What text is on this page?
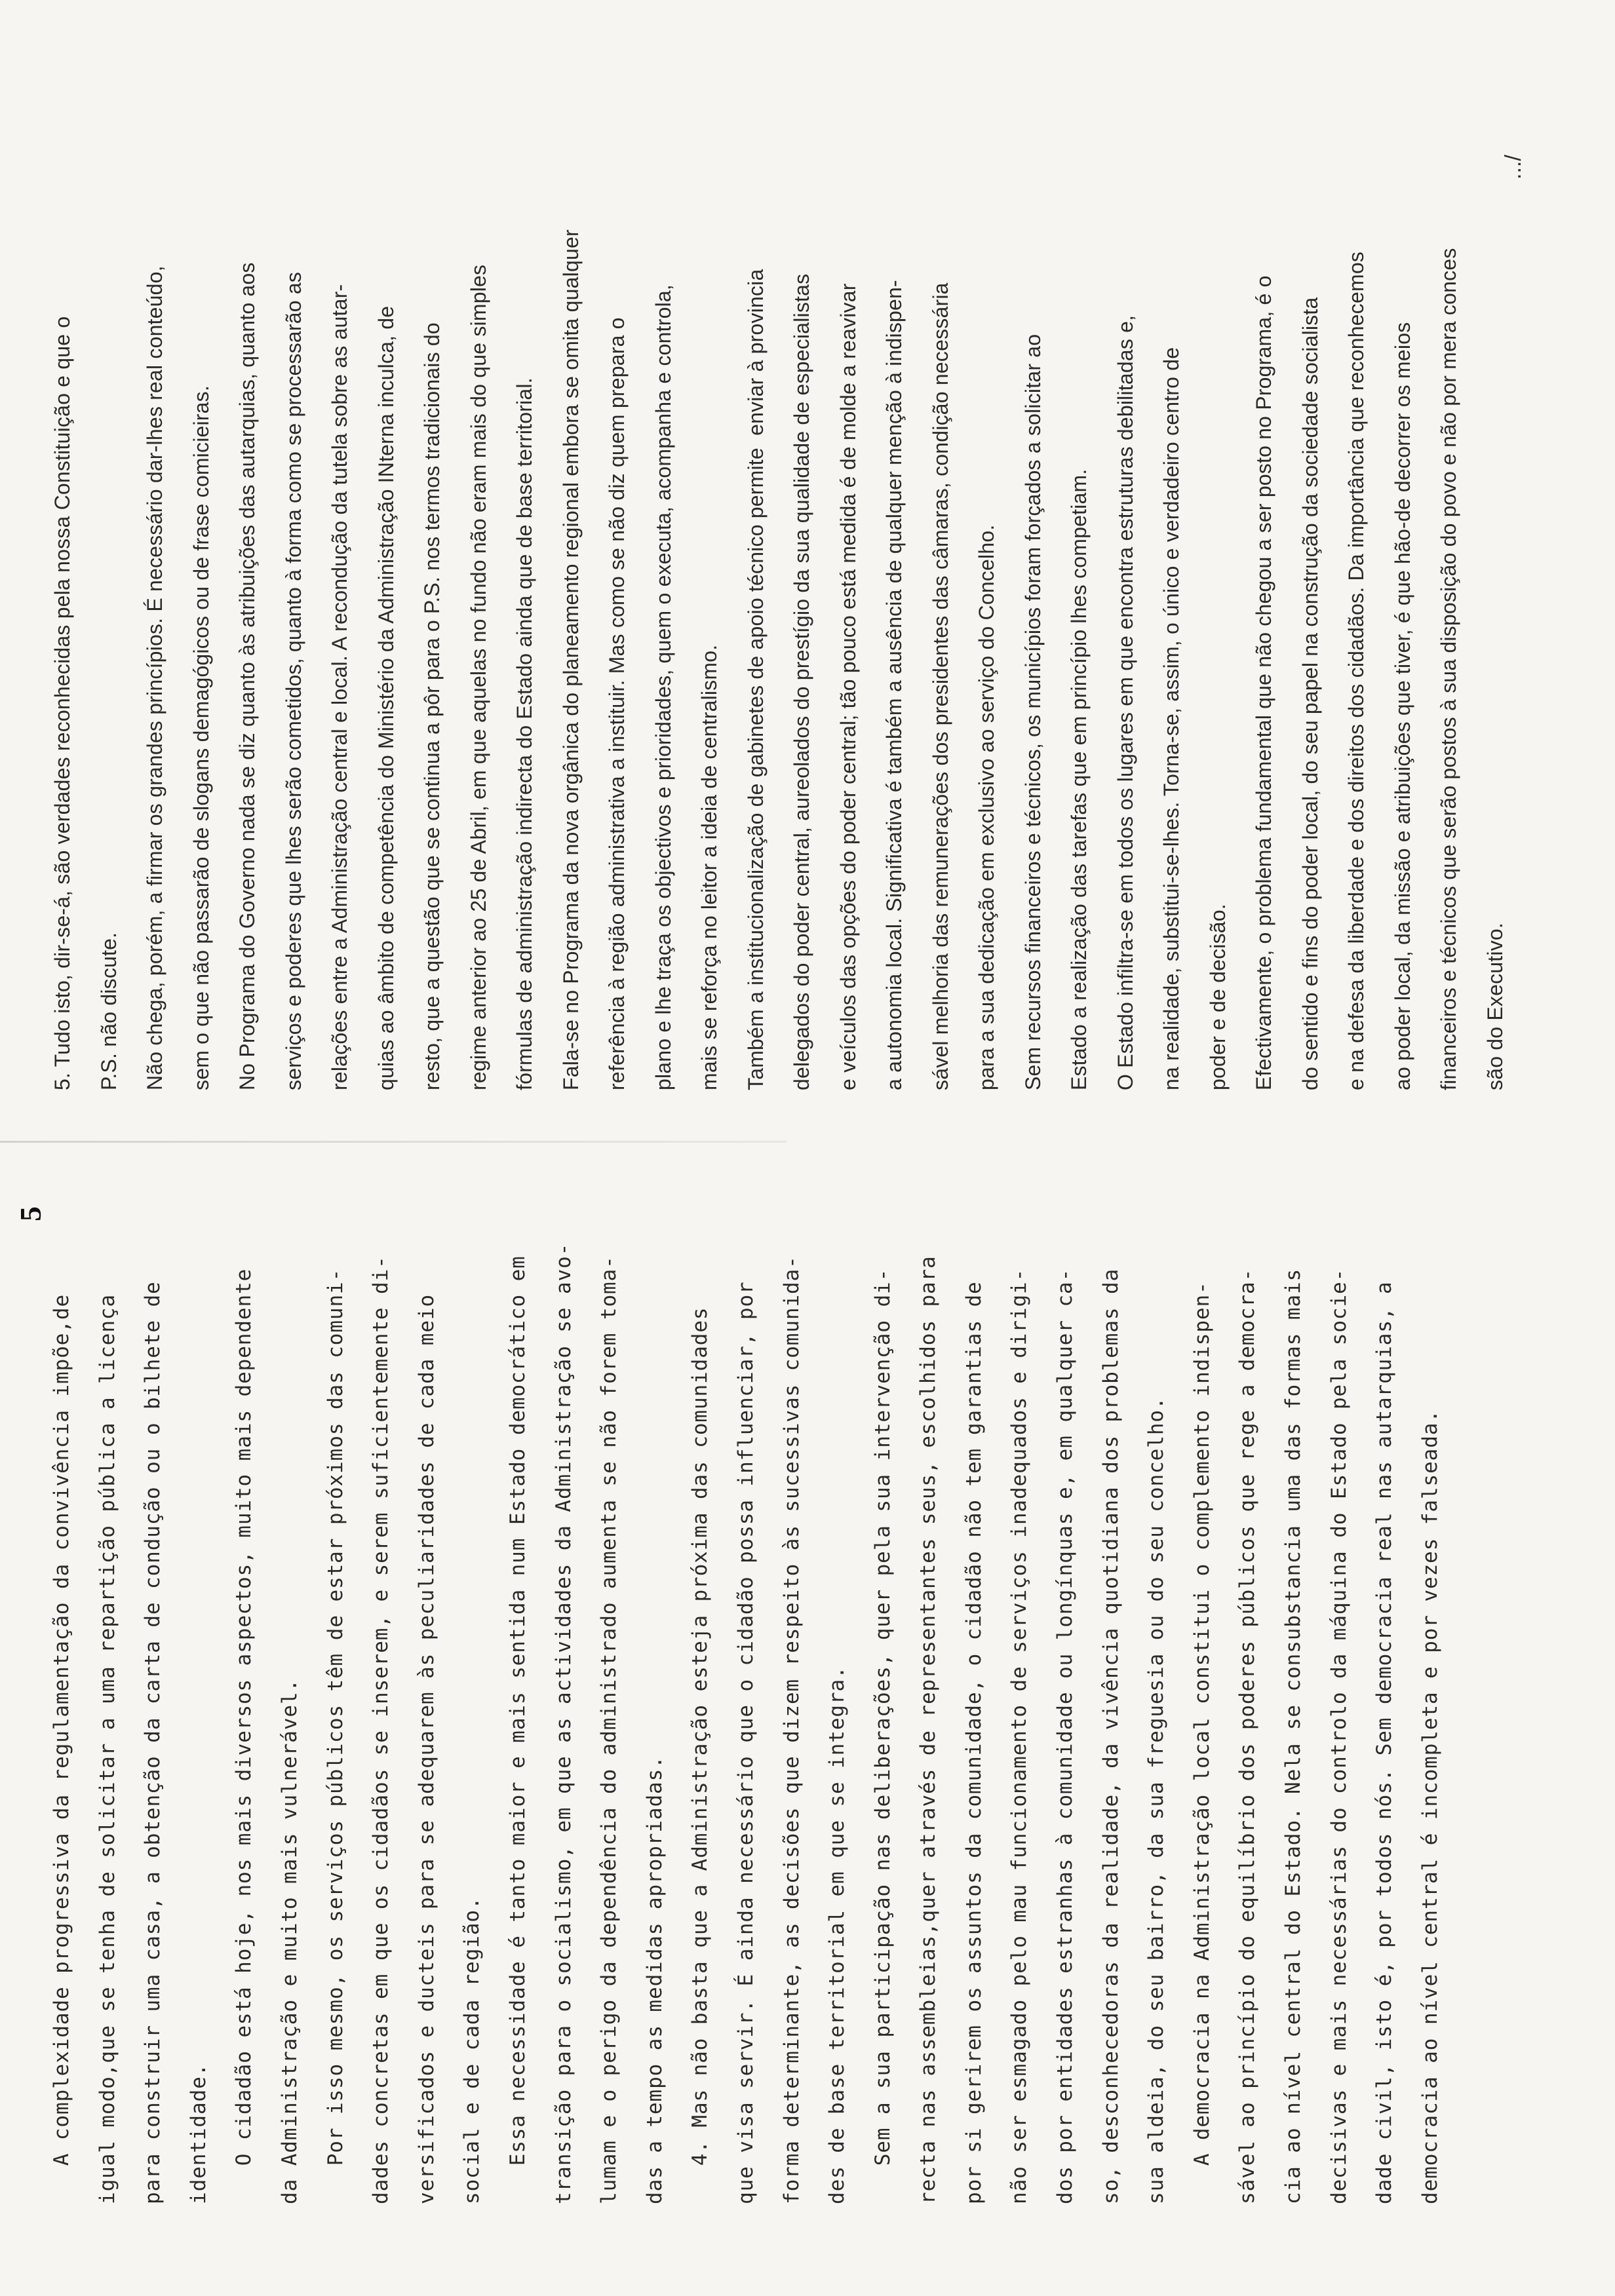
5

A complexidade progressiva da regulamentação da convivência impõe,de	igual modo,que se tenha de solicitar a uma repartição pública a licença	para construir uma casa, a obtenção da carta de condução ou o bilhete de	identidade.	O cidadão está hoje, nos mais diversos aspectos, muito mais dependente	da Administração e muito mais vulnerável.	Por isso mesmo, os serviços públicos têm de estar próximos das comuni-	dades concretas em que os cidadãos se inserem, e serem suficientemente di-	versificados e ducteis para se adequarem às peculiaridades de cada meio	social e de cada região.	Essa necessidade é tanto maior e mais sentida num Estado democrático em	transição para o socialismo, em que as actividades da Administração se avo-	lumam e o perigo da dependência do administrado aumenta se não forem toma-	das a tempo as medidas apropriadas.	4. Mas não basta que a Administração esteja próxima das comunidades	que visa servir. É ainda necessário que o cidadão possa influenciar, por	forma determinante, as decisões que dizem respeito às sucessivas comunida-	des de base territorial em que se integra.	Sem a sua participação nas deliberações, quer pela sua intervenção di-	recta nas assembleias,quer através de representantes seus, escolhidos para	por si gerirem os assuntos da comunidade, o cidadão não tem garantias de	não ser esmagado pelo mau funcionamento de serviços inadequados e dirigi-	dos por entidades estranhas à comunidade ou longínquas e, em qualquer ca-	so, desconhecedoras da realidade, da vivência quotidiana dos problemas da	sua aldeia, do seu bairro, da sua freguesia ou do seu concelho.	A democracia na Administração local constitui o complemento indispen-	sável ao princípio do equilíbrio dos poderes públicos que rege a democra-	cia ao nível central do Estado. Nela se consubstancia uma das formas mais	decisivas e mais necessárias do controlo da máquina do Estado pela socie-	dade civil, isto é, por todos nós. Sem democracia real nas autarquias, a	democracia ao nível central é incompleta e por vezes falseada.

5. Tudo isto, dir-se-á, são verdades reconhecidas pela nossa Constituição e que o	P.S. não discute.	Não chega, porém, a firmar os grandes princípios. É necessário dar-lhes real conteúdo,	sem o que não passarão de slogans demagógicos ou de frase comicieiras.	No Programa do Governo nada se diz quanto às atribuições das autarquias, quanto aos	serviços e poderes que lhes serão cometidos, quanto à forma como se processarão as	relações entre a Administração central e local. A recondução da tutela sobre as autar-	quias ao âmbito de competência do Ministério da Administração INterna inculca, de	resto, que a questão que se continua a pôr para o P.S. nos termos tradicionais do	regime anterior ao 25 de Abril, em que aquelas no fundo não eram mais do que simples	fórmulas de administração indirecta do Estado ainda que de base territorial.	Fala-se no Programa da nova orgânica do planeamento regional embora se omita qualquer	referência à região administrativa a instituir. Mas como se não diz quem prepara o	plano e lhe traça os objectivos e prioridades, quem o executa, acompanha e controla,	mais se reforça no leitor a ideia de centralismo.	Também a institucionalização de gabinetes de apoio técnico permite  enviar à provincia	delegados do poder central, aureolados do prestígio da sua qualidade de especialistas	e veículos das opções do poder central; tão pouco está medida é de molde a reavivar	a autonomia local. Significativa é também a ausência de qualquer menção à indispen-	sável melhoria das remunerações dos presidentes das câmaras, condição necessária	para a sua dedicação em exclusivo ao serviço do Concelho.	Sem recursos financeiros e técnicos, os municípios foram forçados a solicitar ao	Estado a realização das tarefas que em princípio lhes competiam.	O Estado infiltra-se em todos os lugares em que encontra estruturas debilitadas e,	na realidade, substitui-se-lhes. Torna-se, assim, o único e verdadeiro centro de	poder e de decisão.	Efectivamente, o problema fundamental que não chegou a ser posto no Programa, é o	do sentido e fins do poder local, do seu papel na construção da sociedade socialista	e na defesa da liberdade e dos direitos dos cidadãos. Da importância que reconhecemos	ao poder local, da missão e atribuições que tiver, é que hão-de decorrer os meios	financeiros e técnicos que serão postos à sua disposição do povo e não por mera conces	são do Executivo.

.../
